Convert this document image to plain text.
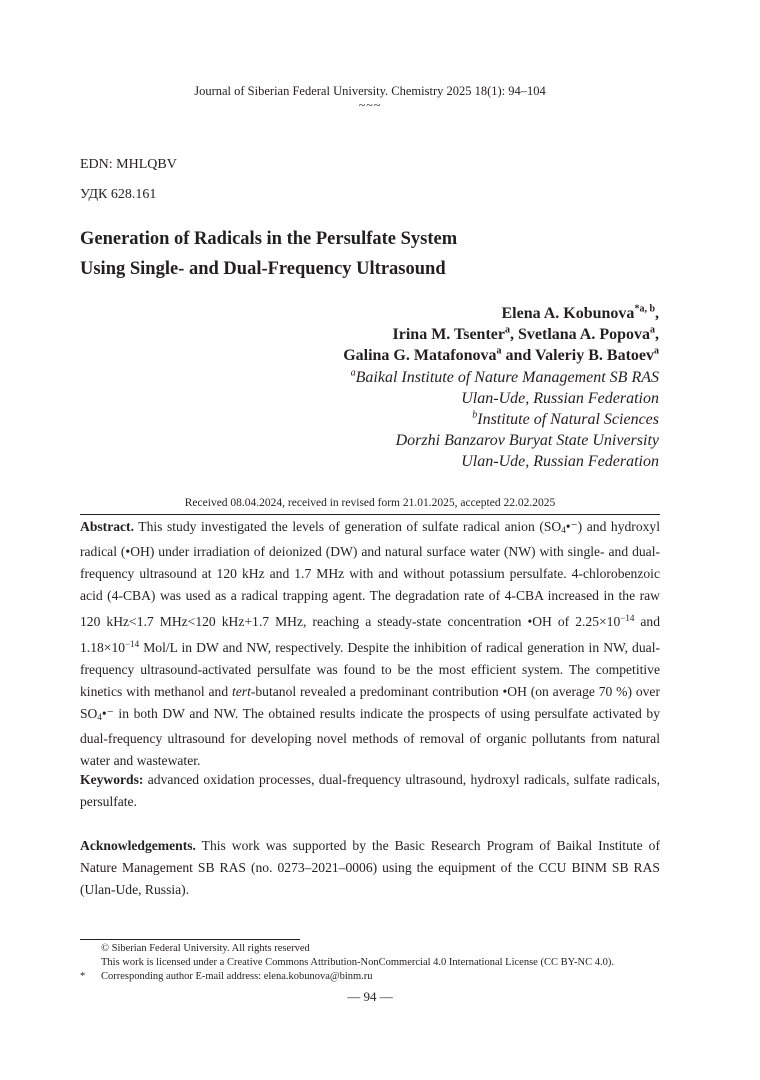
Journal of Siberian Federal University. Chemistry 2025 18(1): 94–104
~~~
EDN: MHLQBV
УДК 628.161
Generation of Radicals in the Persulfate System
Using Single- and Dual-Frequency Ultrasound
Elena A. Kobunova$^{*a, b}$,
Irina M. Tsenter$^a$, Svetlana A. Popova$^a$,
Galina G. Matafonova$^a$ and Valeriy B. Batoev$^a$
$^a$Baikal Institute of Nature Management SB RAS
Ulan-Ude, Russian Federation
$^b$Institute of Natural Sciences
Dorzhi Banzarov Buryat State University
Ulan-Ude, Russian Federation
Received 08.04.2024, received in revised form 21.01.2025, accepted 22.02.2025
Abstract. This study investigated the levels of generation of sulfate radical anion $(SO_4•^-)$ and hydroxyl radical (•OH) under irradiation of deionized (DW) and natural surface water (NW) with single- and dual-frequency ultrasound at 120 kHz and 1.7 MHz with and without potassium persulfate. 4-chlorobenzoic acid (4-CBA) was used as a radical trapping agent. The degradation rate of 4-CBA increased in the raw 120 kHz<1.7 MHz<120 kHz+1.7 MHz, reaching a steady-state concentration •OH of $2.25\times 10^{-14}$ and $1.18\times 10^{-14}$ Mol/L in DW and NW, respectively. Despite the inhibition of radical generation in NW, dual-frequency ultrasound-activated persulfate was found to be the most efficient system. The competitive kinetics with methanol and tert-butanol revealed a predominant contribution •OH (on average 70 %) over $SO_4•^-$ in both DW and NW. The obtained results indicate the prospects of using persulfate activated by dual-frequency ultrasound for developing novel methods of removal of organic pollutants from natural water and wastewater.
Keywords: advanced oxidation processes, dual-frequency ultrasound, hydroxyl radicals, sulfate radicals, persulfate.
Acknowledgements. This work was supported by the Basic Research Program of Baikal Institute of Nature Management SB RAS (no. 0273–2021–0006) using the equipment of the CCU BINM SB RAS (Ulan-Ude, Russia).
© Siberian Federal University. All rights reserved
This work is licensed under a Creative Commons Attribution-NonCommercial 4.0 International License (CC BY-NC 4.0).
* Corresponding author E-mail address: elena.kobunova@binm.ru
― 94 ―
